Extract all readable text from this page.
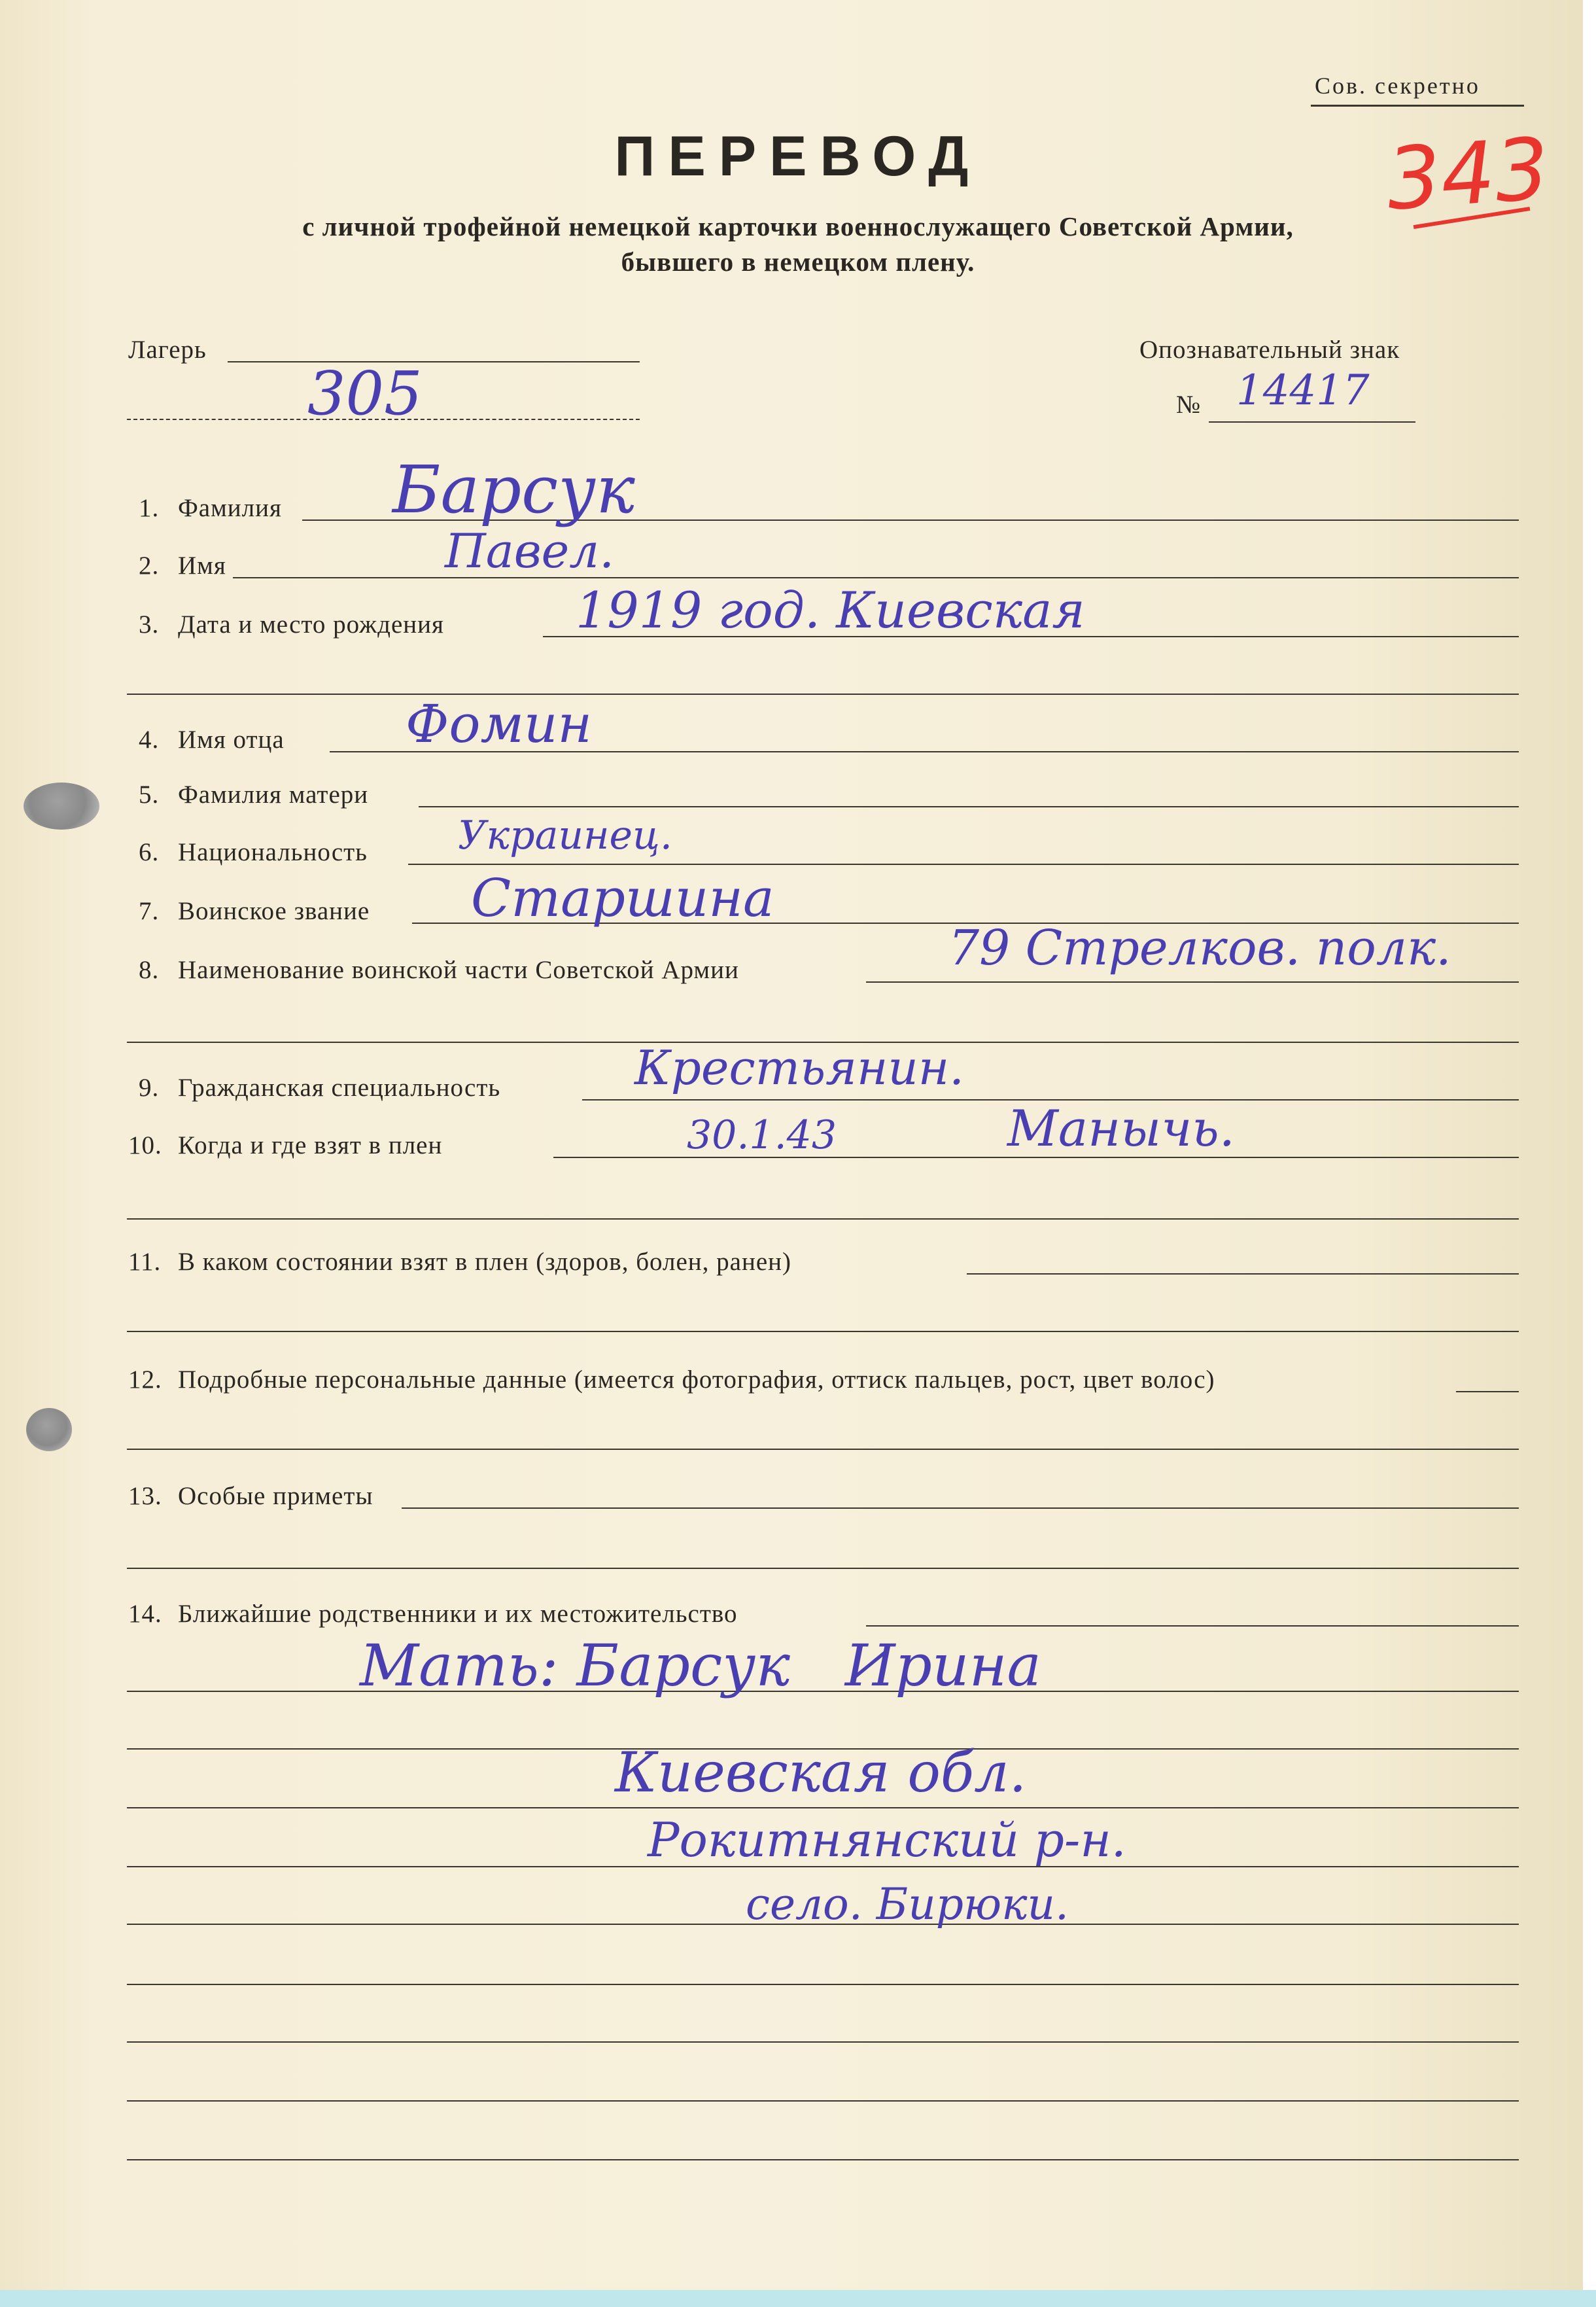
Сов. секретно
343
ПЕРЕВОД
с личной трофейной немецкой карточки военнослужащего Советской Армии,
бывшего в немецком плену.
Лагерь
305
Опознавательный знак
№ 14417
1. Фамилия Барсук
2. Имя	Павел.
3. Дата и место рождения	1919 год. Киевская
4. Имя отца Фомин
5. Фамилия матери
6. Национальность Украинец.
7. Воинское звание Старшина
8. Наименование воинской части Советской Армии	79 Стрелков. полк.
9. Гражданская специальность	Крестьянин.
10. Когда и где взят в плен	30.1.43	Манычь.
11. В каком состоянии взят в плен (здоров, болен, ранен)
12. Подробные персональные данные (имеется фотография, оттиск пальцев, рост, цвет волос)
13. Особые приметы
14. Ближайшие родственники и их местожительство
Мать: Барсук   Ирина
Киевская обл.
Рокитнянский р-н.
село. Бирюки.
